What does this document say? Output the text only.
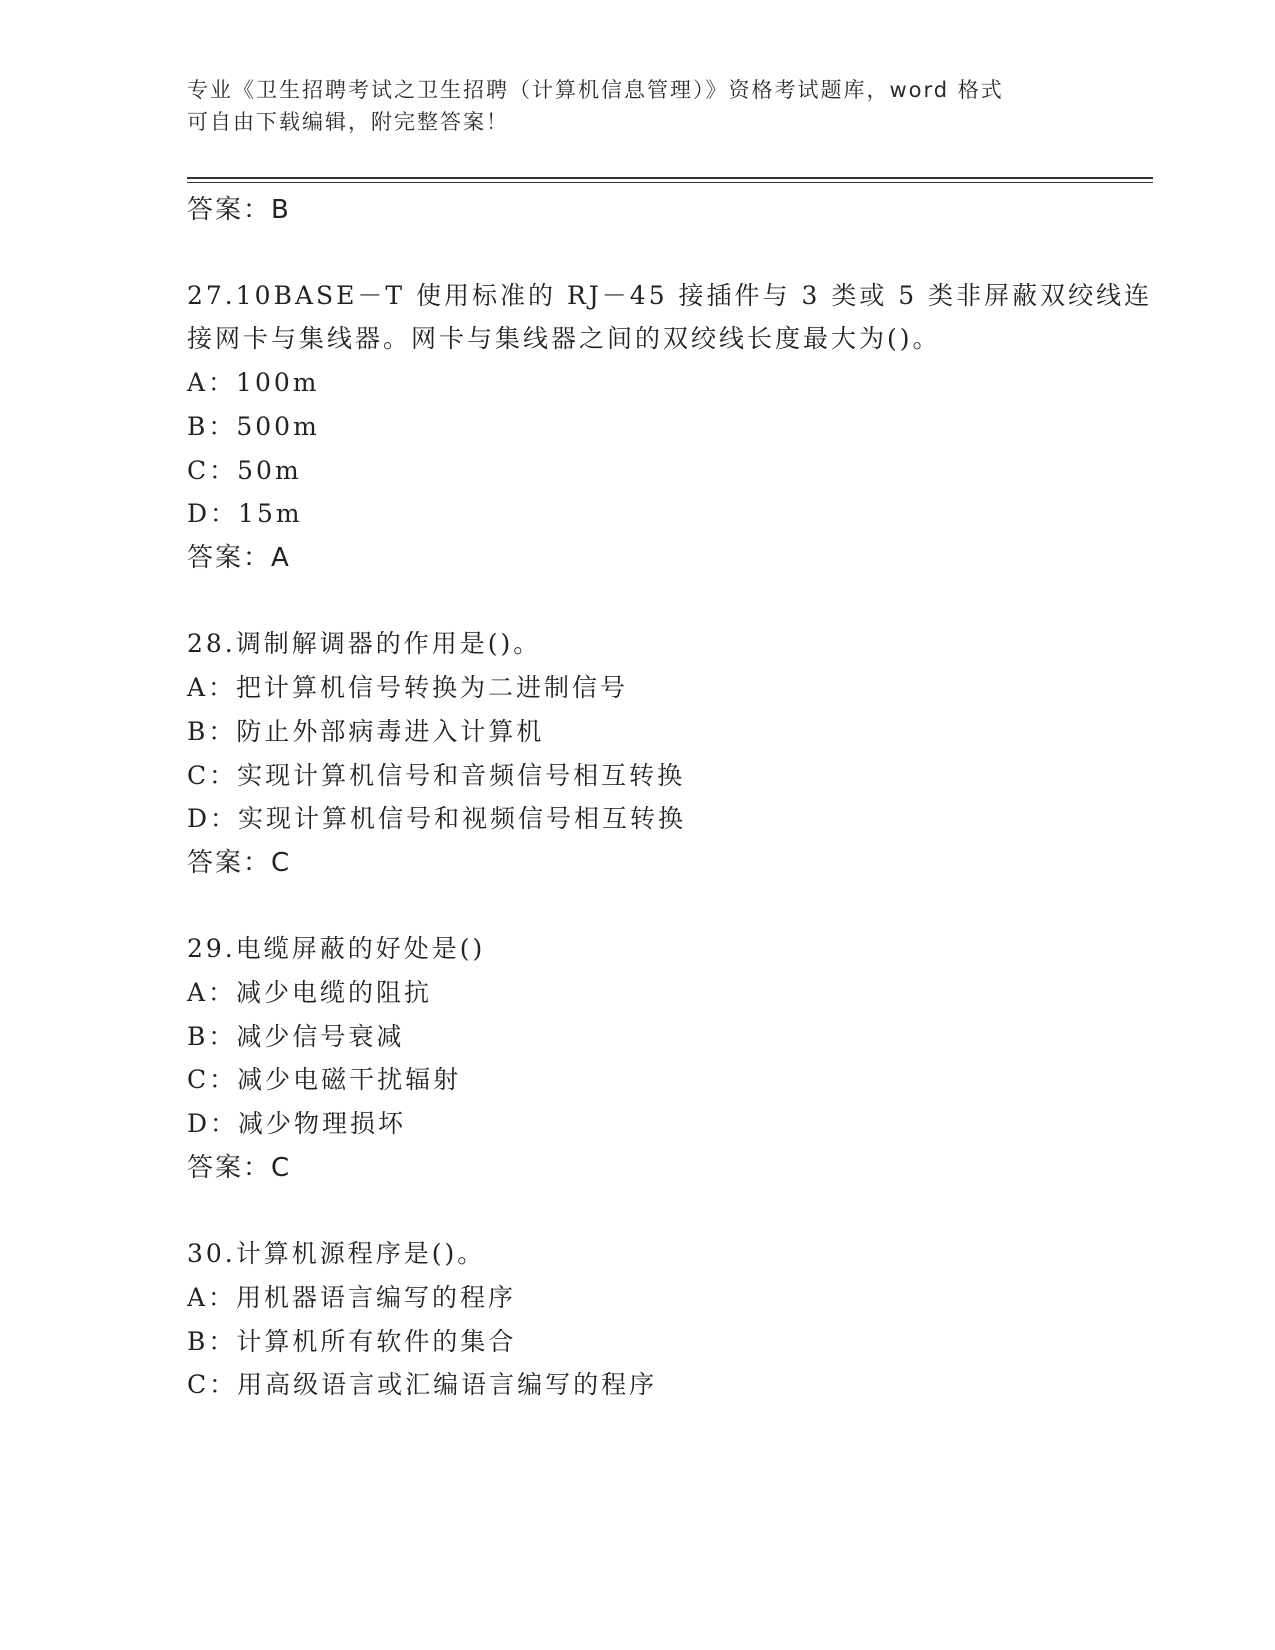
专业《卫生招聘考试之卫生招聘（计算机信息管理）》资格考试题库，word 格式
可自由下载编辑，附完整答案！
答案：B
27.10BASE－T 使用标准的 RJ－45 接插件与 3 类或 5 类非屏蔽双绞线连
接网卡与集线器。网卡与集线器之间的双绞线长度最大为()。
A：100m
B：500m
C：50m
D：15m
答案：A
28.调制解调器的作用是()。
A：把计算机信号转换为二进制信号
B：防止外部病毒进入计算机
C：实现计算机信号和音频信号相互转换
D：实现计算机信号和视频信号相互转换
答案：C
29.电缆屏蔽的好处是()
A：减少电缆的阻抗
B：减少信号衰减
C：减少电磁干扰辐射
D：减少物理损坏
答案：C
30.计算机源程序是()。
A：用机器语言编写的程序
B：计算机所有软件的集合
C：用高级语言或汇编语言编写的程序
